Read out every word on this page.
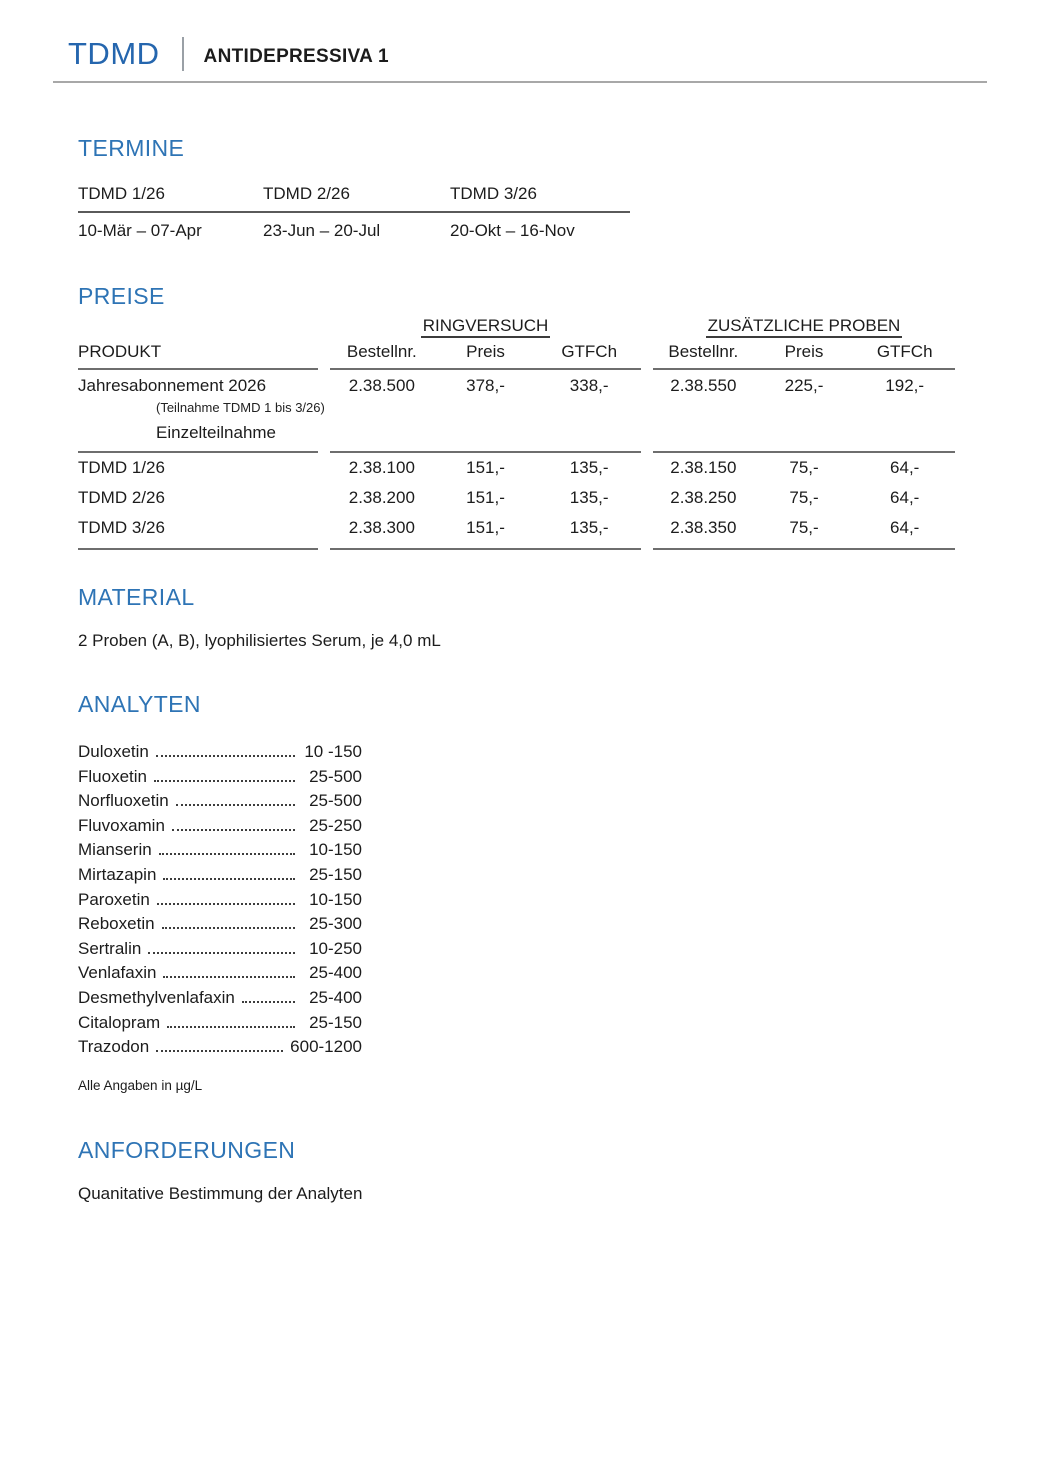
TDMD ANTIDEPRESSIVA 1
TERMINE
TDMD 1/26	TDMD 2/26	TDMD 3/26
10-Mär – 07-Apr	23-Jun – 20-Jul	20-Okt – 16-Nov
PREISE
RINGVERSUCH	ZUSÄTZLICHE PROBEN
PRODUKT	Bestellnr.	Preis	GTFCh	Bestellnr.	Preis	GTFCh
Jahresabonnement 2026	2.38.500	378,-	338,-	2.38.550	225,-	192,-
(Teilnahme TDMD 1 bis 3/26)
Einzelteilnahme
TDMD 1/26	2.38.100	151,-	135,-	2.38.150	75,-	64,-
TDMD 2/26	2.38.200	151,-	135,-	2.38.250	75,-	64,-
TDMD 3/26	2.38.300	151,-	135,-	2.38.350	75,-	64,-
MATERIAL
2 Proben (A, B), lyophilisiertes Serum, je 4,0 mL
ANALYTEN
Duloxetin	10 -150
Fluoxetin	25-500
Norfluoxetin	25-500
Fluvoxamin	25-250
Mianserin	10-150
Mirtazapin	25-150
Paroxetin	10-150
Reboxetin	25-300
Sertralin	10-250
Venlafaxin	25-400
Desmethylvenlafaxin	25-400
Citalopram	25-150
Trazodon	600-1200
Alle Angaben in µg/L
ANFORDERUNGEN
Quanitative Bestimmung der Analyten
